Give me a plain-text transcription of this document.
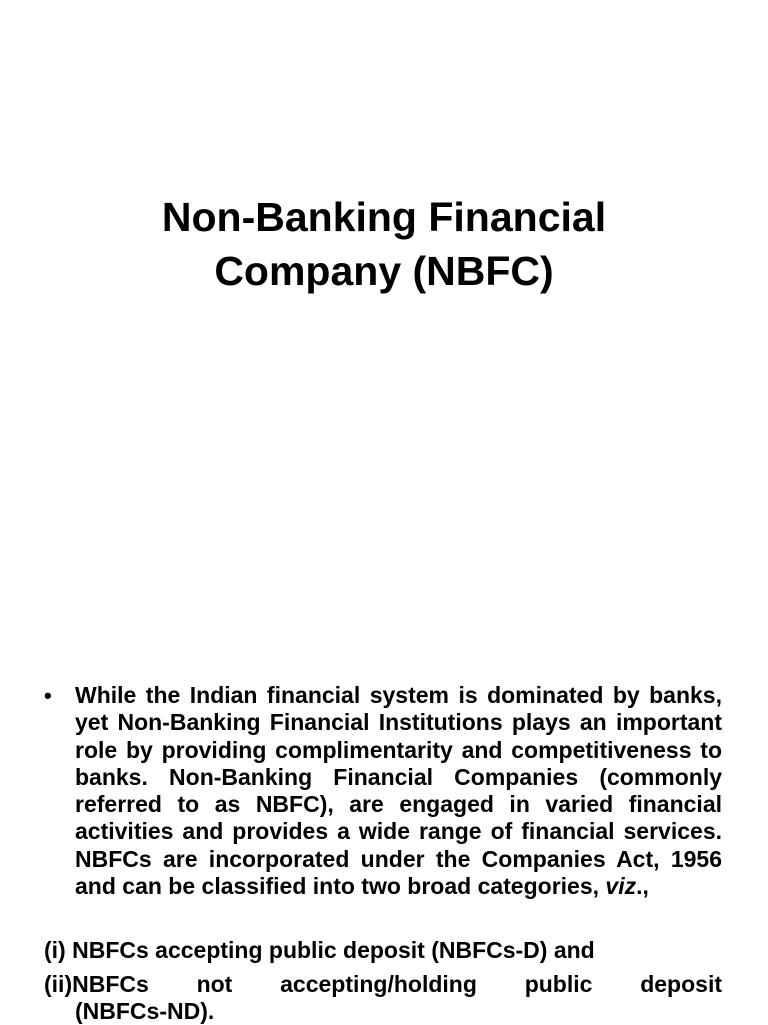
Non-Banking Financial
Company (NBFC)
• While the Indian financial system is dominated by banks, yet Non-Banking Financial Institutions plays an important role by providing complimentarity and competitiveness to banks. Non-Banking Financial Companies (commonly referred to as NBFC), are engaged in varied financial activities and provides a wide range of financial services. NBFCs are incorporated under the Companies Act, 1956 and can be classified into two broad categories, viz.,

(i) NBFCs accepting public deposit (NBFCs-D) and

(ii)NBFCs not accepting/holding public deposit

(NBFCs-ND).
